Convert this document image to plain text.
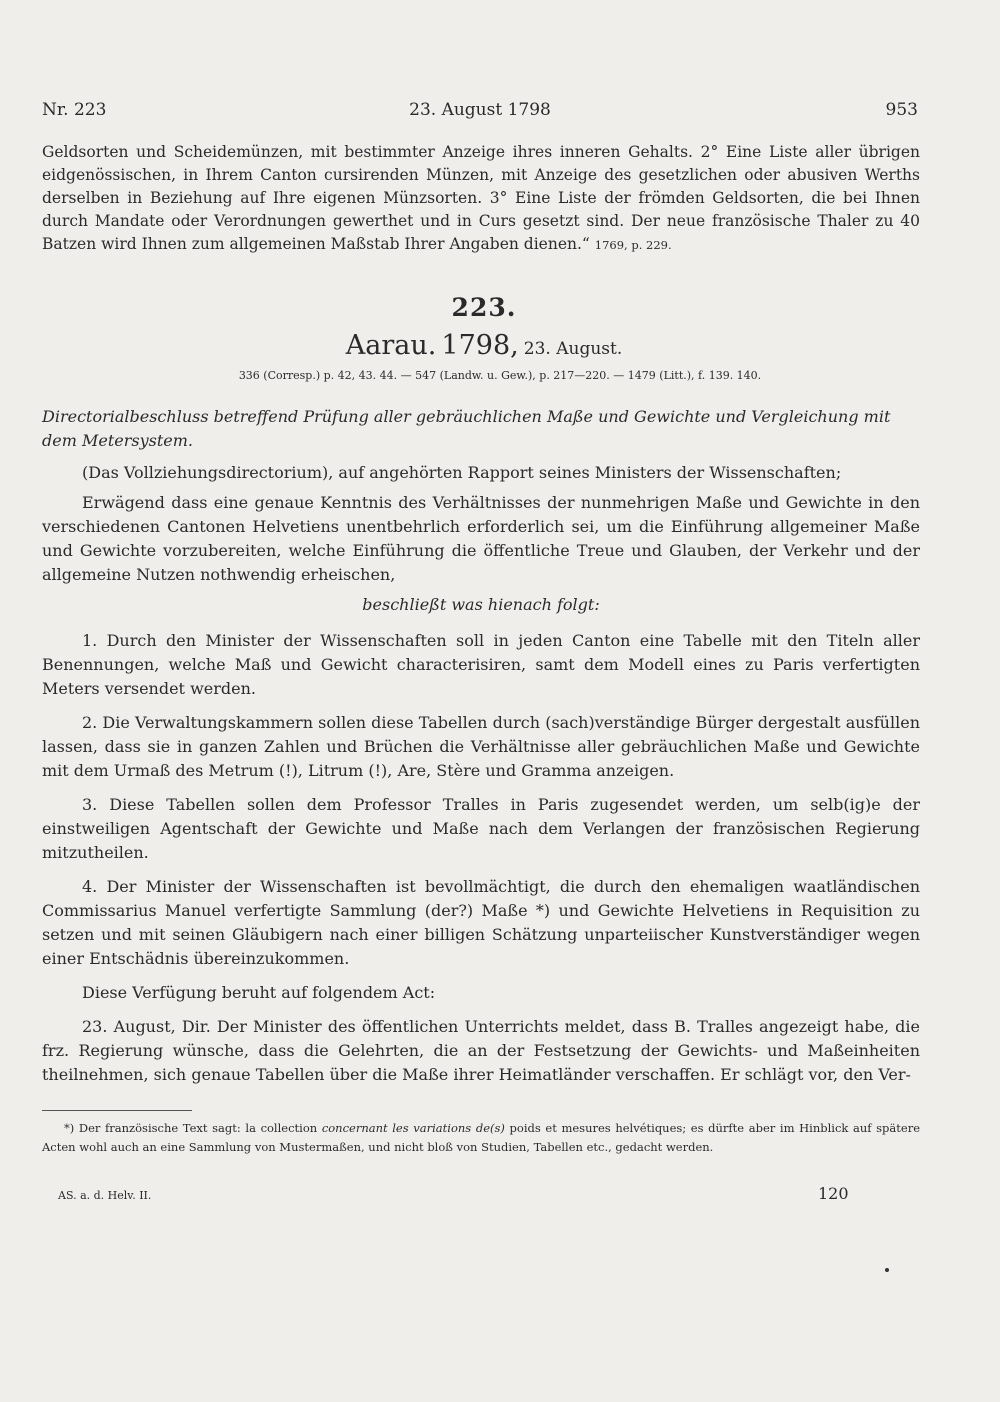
Nr. 223	23. August 1798	953
Geldsorten und Scheidemünzen, mit bestimmter Anzeige ihres inneren Gehalts. 2° Eine Liste aller übrigen eidgenössischen, in Ihrem Canton cursirenden Münzen, mit Anzeige des gesetzlichen oder abusiven Werths derselben in Beziehung auf Ihre eigenen Münzsorten. 3° Eine Liste der frömden Geldsorten, die bei Ihnen durch Mandate oder Verordnungen gewerthet und in Curs gesetzt sind. Der neue französische Thaler zu 40 Batzen wird Ihnen zum allgemeinen Maßstab Ihrer Angaben dienen.“ 1769, p. 229.
223.
Aarau. 1798, 23. August.
336 (Corresp.) p. 42, 43. 44. — 547 (Landw. u. Gew.), p. 217—220. — 1479 (Litt.), f. 139. 140.
Directorialbeschluss betreffend Prüfung aller gebräuchlichen Maße und Gewichte und Vergleichung mit dem Metersystem.

(Das Vollziehungsdirectorium), auf angehörten Rapport seines Ministers der Wissenschaften;

Erwägend dass eine genaue Kenntnis des Verhältnisses der nunmehrigen Maße und Gewichte in den verschiedenen Cantonen Helvetiens unentbehrlich erforderlich sei, um die Einführung allgemeiner Maße und Gewichte vorzubereiten, welche Einführung die öffentliche Treue und Glauben, der Verkehr und der allgemeine Nutzen nothwendig erheischen,

beschließt was hienach folgt:

1. Durch den Minister der Wissenschaften soll in jeden Canton eine Tabelle mit den Titeln aller Benennungen, welche Maß und Gewicht characterisiren, samt dem Modell eines zu Paris verfertigten Meters versendet werden.

2. Die Verwaltungskammern sollen diese Tabellen durch (sach)verständige Bürger dergestalt ausfüllen lassen, dass sie in ganzen Zahlen und Brüchen die Verhältnisse aller gebräuchlichen Maße und Gewichte mit dem Urmaß des Metrum (!), Litrum (!), Are, Stère und Gramma anzeigen.

3. Diese Tabellen sollen dem Professor Tralles in Paris zugesendet werden, um selb(ig)e der einstweiligen Agentschaft der Gewichte und Maße nach dem Verlangen der französischen Regierung mitzutheilen.

4. Der Minister der Wissenschaften ist bevollmächtigt, die durch den ehemaligen waatländischen Commissarius Manuel verfertigte Sammlung (der?) Maße *) und Gewichte Helvetiens in Requisition zu setzen und mit seinen Gläubigern nach einer billigen Schätzung unparteiischer Kunstverständiger wegen einer Entschädnis übereinzukommen.

Diese Verfügung beruht auf folgendem Act:

23. August, Dir. Der Minister des öffentlichen Unterrichts meldet, dass B. Tralles angezeigt habe, die frz. Regierung wünsche, dass die Gelehrten, die an der Festsetzung der Gewichts- und Maßeinheiten theilnehmen, sich genaue Tabellen über die Maße ihrer Heimatländer verschaffen. Er schlägt vor, den Ver-

*) Der französische Text sagt: la collection concernant les variations de(s) poids et mesures helvétiques; es dürfte aber im Hinblick auf spätere Acten wohl auch an eine Sammlung von Mustermaßen, und nicht bloß von Studien, Tabellen etc., gedacht werden.
AS. a. d. Helv. II.	120
